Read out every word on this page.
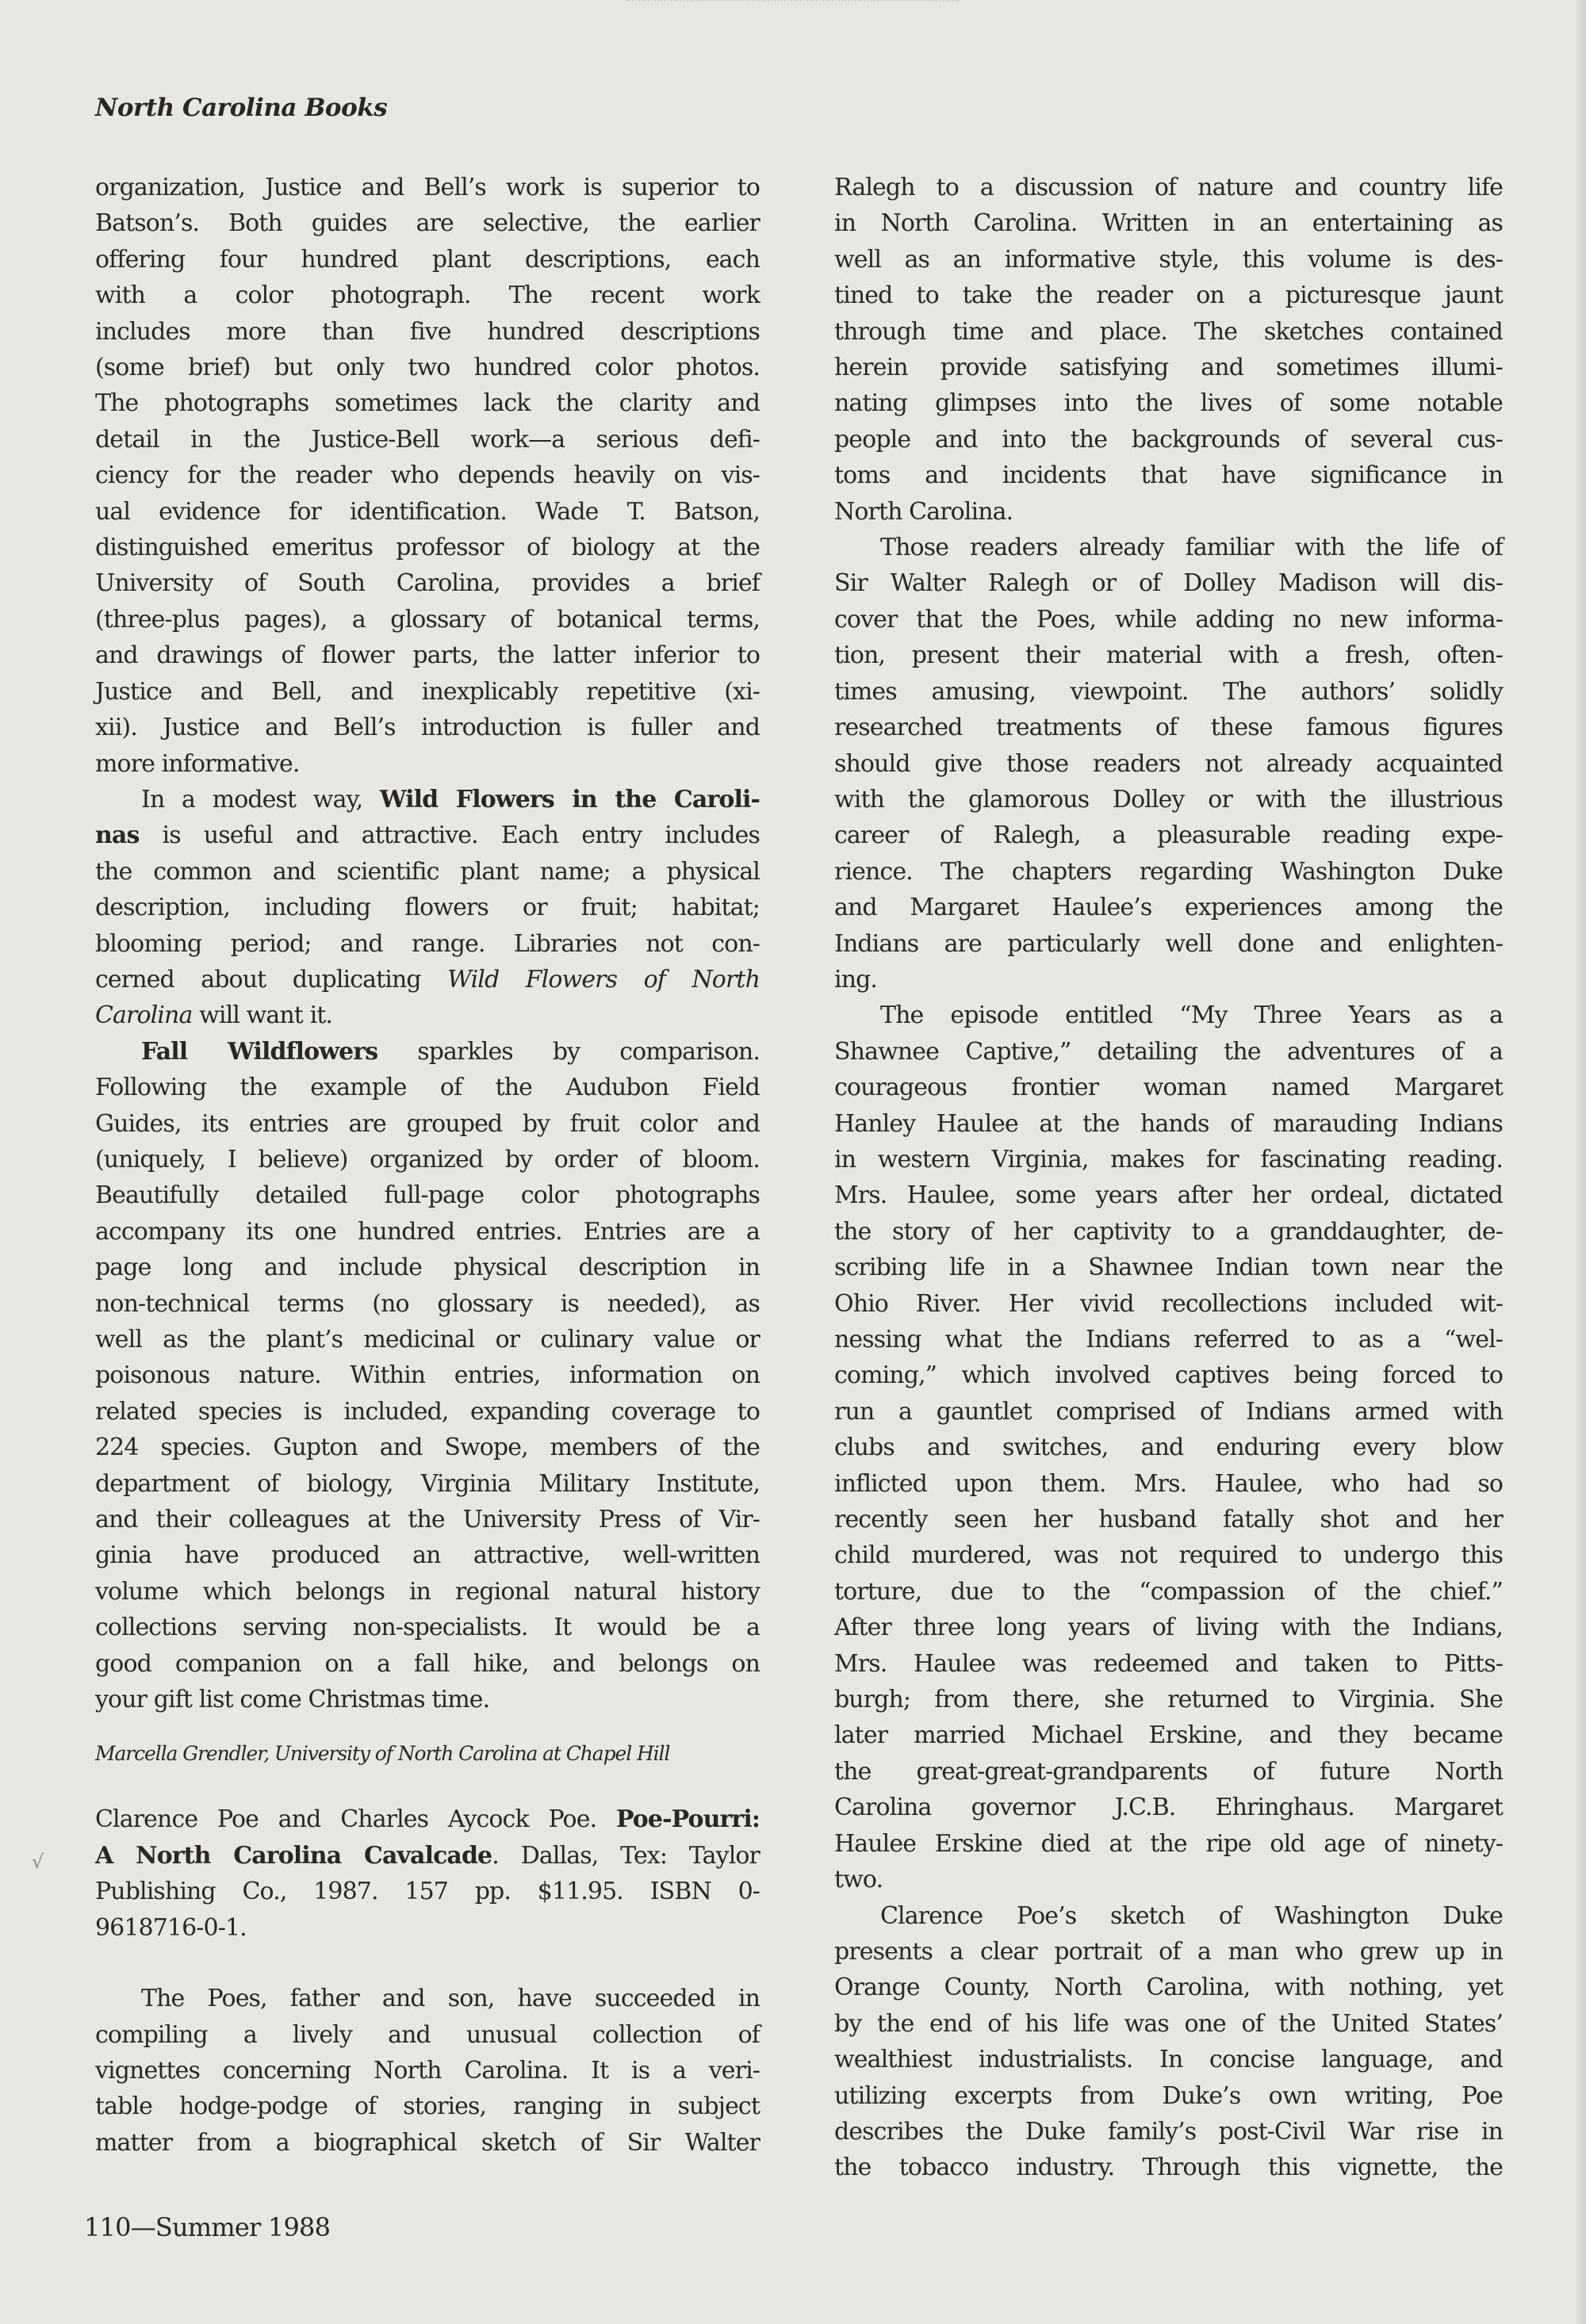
North Carolina Books

organization, Justice and Bell’s work is superior to
Batson’s. Both guides are selective, the earlier
offering four hundred plant descriptions, each
with a color photograph. The recent work
includes more than five hundred descriptions
(some brief) but only two hundred color photos.
The photographs sometimes lack the clarity and
detail in the Justice-Bell work—a serious defi-
ciency for the reader who depends heavily on vis-
ual evidence for identification. Wade T. Batson,
distinguished emeritus professor of biology at the
University of South Carolina, provides a brief
(three-plus pages), a glossary of botanical terms,
and drawings of flower parts, the latter inferior to
Justice and Bell, and inexplicably repetitive (xi-
xii). Justice and Bell’s introduction is fuller and
more informative.

In a modest way, Wild Flowers in the Caroli-
nas is useful and attractive. Each entry includes
the common and scientific plant name; a physical
description, including flowers or fruit; habitat;
blooming period; and range. Libraries not con-
cerned about duplicating Wild Flowers of North
Carolina will want it.

Fall Wildflowers sparkles by comparison.
Following the example of the Audubon Field
Guides, its entries are grouped by fruit color and
(uniquely, I believe) organized by order of bloom.
Beautifully detailed full-page color photographs
accompany its one hundred entries. Entries are a
page long and include physical description in
non-technical terms (no glossary is needed), as
well as the plant’s medicinal or culinary value or
poisonous nature. Within entries, information on
related species is included, expanding coverage to
224 species. Gupton and Swope, members of the
department of biology, Virginia Military Institute,
and their colleagues at the University Press of Vir-
ginia have produced an attractive, well-written
volume which belongs in regional natural history
collections serving non-specialists. It would be a
good companion on a fall hike, and belongs on
your gift list come Christmas time.

Marcella Grendler, University of North Carolina at Chapel Hill

Clarence Poe and Charles Aycock Poe. Poe-Pourri:
A North Carolina Cavalcade. Dallas, Tex: Taylor
Publishing Co., 1987. 157 pp. $11.95. ISBN 0-
9618716-0-1.

The Poes, father and son, have succeeded in
compiling a lively and unusual collection of
vignettes concerning North Carolina. It is a veri-
table hodge-podge of stories, ranging in subject
matter from a biographical sketch of Sir Walter

√

Ralegh to a discussion of nature and country life
in North Carolina. Written in an entertaining as
well as an informative style, this volume is des-
tined to take the reader on a picturesque jaunt
through time and place. The sketches contained
herein provide satisfying and sometimes illumi-
nating glimpses into the lives of some notable
people and into the backgrounds of several cus-
toms and incidents that have significance in
North Carolina.

Those readers already familiar with the life of
Sir Walter Ralegh or of Dolley Madison will dis-
cover that the Poes, while adding no new informa-
tion, present their material with a fresh, often-
times amusing, viewpoint. The authors’ solidly
researched treatments of these famous figures
should give those readers not already acquainted
with the glamorous Dolley or with the illustrious
career of Ralegh, a pleasurable reading expe-
rience. The chapters regarding Washington Duke
and Margaret Haulee’s experiences among the
Indians are particularly well done and enlighten-
ing.

The episode entitled “My Three Years as a
Shawnee Captive,” detailing the adventures of a
courageous frontier woman named Margaret
Hanley Haulee at the hands of marauding Indians
in western Virginia, makes for fascinating reading.
Mrs. Haulee, some years after her ordeal, dictated
the story of her captivity to a granddaughter, de-
scribing life in a Shawnee Indian town near the
Ohio River. Her vivid recollections included wit-
nessing what the Indians referred to as a “wel-
coming,” which involved captives being forced to
run a gauntlet comprised of Indians armed with
clubs and switches, and enduring every blow
inflicted upon them. Mrs. Haulee, who had so
recently seen her husband fatally shot and her
child murdered, was not required to undergo this
torture, due to the “compassion of the chief.”
After three long years of living with the Indians,
Mrs. Haulee was redeemed and taken to Pitts-
burgh; from there, she returned to Virginia. She
later married Michael Erskine, and they became
the great-great-grandparents of future North
Carolina governor J.C.B. Ehringhaus. Margaret
Haulee Erskine died at the ripe old age of ninety-
two.

Clarence Poe’s sketch of Washington Duke
presents a clear portrait of a man who grew up in
Orange County, North Carolina, with nothing, yet
by the end of his life was one of the United States’
wealthiest industrialists. In concise language, and
utilizing excerpts from Duke’s own writing, Poe
describes the Duke family’s post-Civil War rise in
the tobacco industry. Through this vignette, the

110—Summer 1988
